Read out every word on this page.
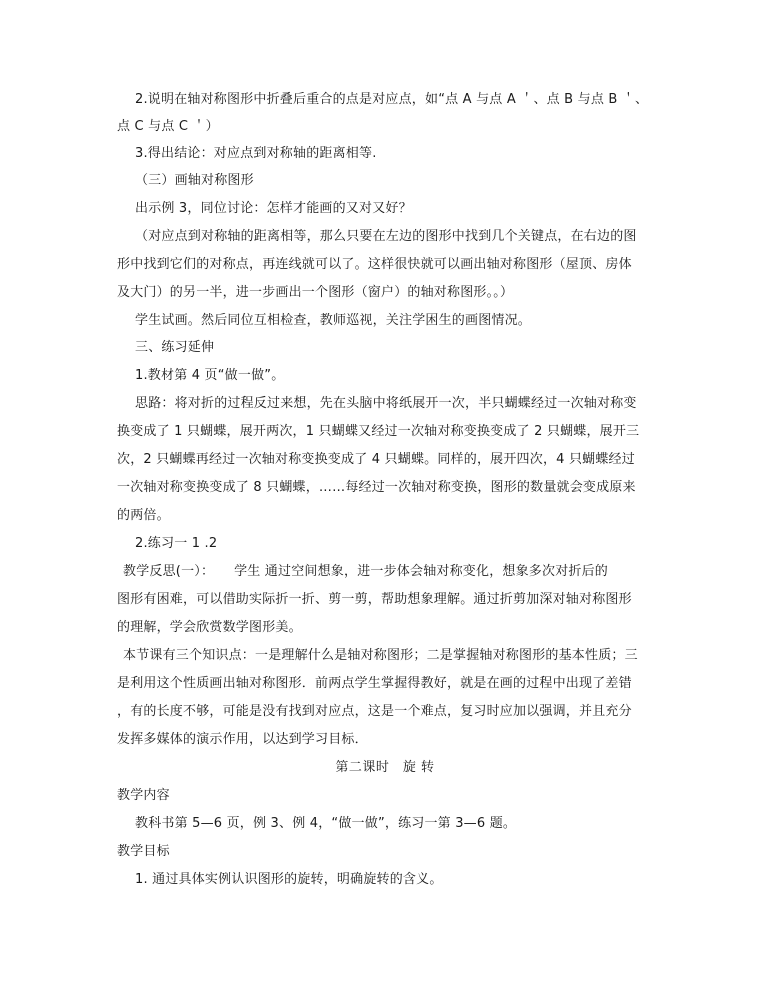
2.说明在轴对称图形中折叠后重合的点是对应点，如“点 A 与点 A ＇、点 B 与点 B ＇、
点 C 与点 C ＇）
3.得出结论：对应点到对称轴的距离相等.
（三）画轴对称图形
出示例 3，同位讨论：怎样才能画的又对又好？
（对应点到对称轴的距离相等，那么只要在左边的图形中找到几个关键点，在右边的图
形中找到它们的对称点，再连线就可以了。这样很快就可以画出轴对称图形（屋顶、房体
及大门）的另一半，进一步画出一个图形（窗户）的轴对称图形。。）
学生试画。然后同位互相检查，教师巡视，关注学困生的画图情况。
三、练习延伸
1.教材第 4 页“做一做”。
思路：将对折的过程反过来想，先在头脑中将纸展开一次，半只蝴蝶经过一次轴对称变
换变成了 1 只蝴蝶，展开两次，1 只蝴蝶又经过一次轴对称变换变成了 2 只蝴蝶，展开三
次，2 只蝴蝶再经过一次轴对称变换变成了 4 只蝴蝶。同样的，展开四次，4 只蝴蝶经过
一次轴对称变换变成了 8 只蝴蝶，……每经过一次轴对称变换，图形的数量就会变成原来
的两倍。
2.练习一 1 .2
教学反思(一）：　　学生 通过空间想象，进一步体会轴对称变化，想象多次对折后的
图形有困难，可以借助实际折一折、剪一剪，帮助想象理解。通过折剪加深对轴对称图形
的理解，学会欣赏数学图形美。
本节课有三个知识点：一是理解什么是轴对称图形；二是掌握轴对称图形的基本性质；三
是利用这个性质画出轴对称图形．前两点学生掌握得教好，就是在画的过程中出现了差错
，有的长度不够，可能是没有找到对应点，这是一个难点，复习时应加以强调，并且充分
发挥多媒体的演示作用，以达到学习目标．
第二课时　旋 转
教学内容
教科书第 5—6 页，例 3、例 4，“做一做”，练习一第 3—6 题。
教学目标
1. 通过具体实例认识图形的旋转，明确旋转的含义。
